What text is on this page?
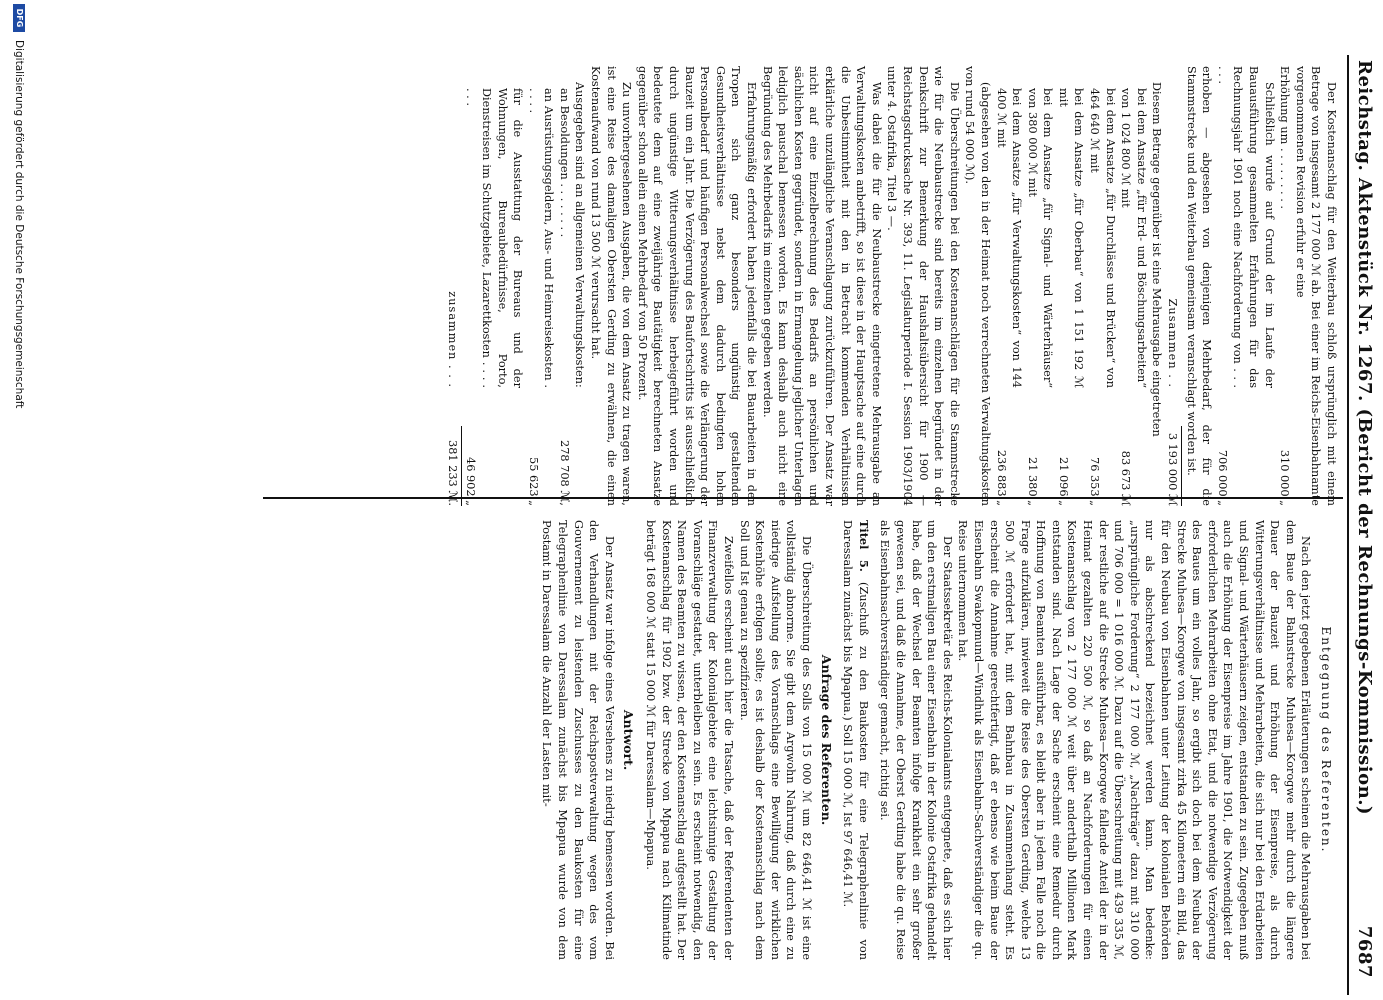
Reichstag. Aktenstück Nr. 1267. (Bericht der Rechnungs-Kommission.)
7687

Der Kostenanschlag für den Weiterbau schloß ursprünglich mit einem Betrage von insgesamt 2 177 000 ℳ ab. Bei einer im Reichs-Eisenbahnamte vorgenommenen Revision erfuhr er eine

Erhöhung um . . . . . . . . .
310 000 „
Schließlich wurde auf Grund der im Laufe der Bauausführung gesammelten Erfahrungen für das Rechnungsjahr 1901 noch eine Nachforderung von . . . . . .
706 000 „

erhoben — abgesehen von denjenigen Mehrbedarf, der für die Stammstrecke und den Weiterbau gemeinsam veranschlagt worden ist.

Zusammen . .
3 193 000 ℳ

Diesem Betrage gegenüber ist eine Mehrausgabe eingetreten

bei dem Ansatze „für Erd- und Böschungsarbeiten“ von 1 024 800 ℳ mit
83 673 ℳ
bei dem Ansatze „für Durchlässe und Brücken“ von 464 640 ℳ mit
76 353 „
bei dem Ansatze „für Oberbau“ von 1 151 192 ℳ mit
21 096 „
bei dem Ansatze „für Signal- und Wärterhäuser“ von 380 000 ℳ mit
21 380 „
bei dem Ansatze „für Verwaltungskosten“ von 144 400 ℳ mit
236 883 „

(abgesehen von den in der Heimat noch verrechneten Verwaltungskosten von rund 54 000 ℳ).

Die Überschreitungen bei den Kostenanschlägen für die Stammstrecke wie für die Neubaustrecke sind bereits im einzelnen begründet in der Denkschrift zur Bemerkung der Haushaltsübersicht für 1900 — Reichstagsdrucksache Nr. 393, 11. Legislaturperiode I. Session 1903/1904 unter 4. Ostafrika, Titel 3 —.

Was dabei die für die Neubaustrecke eingetretene Mehrausgabe an Verwaltungskosten anbetrifft, so ist diese in der Hauptsache auf eine durch die Unbestimmtheit mit den in Betracht kommenden Verhältnissen erklärliche unzulängliche Veranschlagung zurückzuführen. Der Ansatz war nicht auf eine Einzelberechnung des Bedarfs an persönlichen und sächlichen Kosten gegründet, sondern in Ermangelung jeglicher Unterlagen lediglich pauschal bemessen worden. Es kann deshalb auch nicht eine Begründung des Mehrbedarfs im einzelnen gegeben werden.

Erfahrungsmäßig erfordert haben jedenfalls die bei Bauarbeiten in den Tropen sich ganz besonders ungünstig gestaltenden Gesundheitsverhältnisse nebst dem dadurch bedingten hohen Personalbedarf und häufigen Personalwechsel sowie die Verlängerung der Bauzeit um ein Jahr. Die Verzögerung des Baufortschritts ist ausschließlich durch ungünstige Witterungsverhältnisse herbeigeführt worden und bedeutete dem auf eine zweijährige Bautätigkeit berechneten Ansatze gegenüber schon allein einen Mehrbedarf von 50 Prozent.

Zu unvorhergesehenen Ausgaben, die von dem Ansatz zu tragen waren, ist eine Reise des damaligen Obersten Gerding zu erwähnen, die einen Kostenaufwand von rund 13 500 ℳ verursacht hat.

Ausgegeben sind an allgemeinen Verwaltungskosten:

an Besoldungen . . . . . . . .
278 708 ℳ,
an Ausrüstungsgeldern, Aus- und Heimreisekosten . . . . .
55 623 „
für die Ausstattung der Bureaus und der Wohnungen, Bureaubedürfnisse, Porto, Dienstreisen im Schutzgebiete, Lazarettkosten . . . . . . .
46 902 „
zusammen . . .
381 233 ℳ.

Entgegnung des Referenten.

Nach den jetzt gegebenen Erläuterungen scheinen die Mehrausgaben bei dem Baue der Bahnstrecke Muhesa—Korogwe mehr durch die längere Dauer der Bauzeit und Erhöhung der Eisenpreise, als durch Witterungsverhältnisse und Mehrarbeiten, die sich nur bei den Erdarbeiten und Signal- und Wärterhäusern zeigen, entstanden zu sein. Zugegeben muß auch die Erhöhung der Eisenpreise im Jahre 1901, die Notwendigkeit der erforderlichen Mehrarbeiten ohne Etat, und die notwendige Verzögerung des Baues um ein volles Jahr, so ergibt sich doch bei dem Neubau der Strecke Muhesa—Korogwe von insgesamt zirka 45 Kilometern ein Bild, das für den Neubau von Eisenbahnen unter Leitung der kolonialen Behörden nur als abschreckend bezeichnet werden kann. Man bedenke: „ursprüngliche Forderung“ 2 177 000 ℳ, „Nachträge“ dazu mit 310 000 und 706 000 = 1 016 000 ℳ. Dazu auf die Überschreitung mit 439 335 ℳ, der restliche auf die Strecke Muhesa—Korogwe fallende Anteil der in der Heimat gezahlten 220 500 ℳ, so daß an Nachforderungen für einen Kostenanschlag von 2 177 000 ℳ weit über anderthalb Millionen Mark entstanden sind. Nach Lage der Sache erscheint eine Remedur durch Hoffnung von Beamten ausführbar, es bleibt aber in jedem Falle noch die Frage aufzuklären, inwieweit die Reise des Obersten Gerding, welche 13 500 ℳ erfordert hat, mit dem Bahnbau in Zusammenhang steht. Es erscheint die Annahme gerechtfertigt, daß er ebenso wie beim Baue der Eisenbahn Swakopmund—Windhuk als Eisenbahn-Sachverständiger die qu. Reise unternommen hat.

Der Staatssekretär des Reichs-Kolonialamts entgegnete, daß es sich hier um den erstmaligen Bau einer Eisenbahn in der Kolonie Ostafrika gehandelt habe, daß der Wechsel der Beamten infolge Krankheit ein sehr großer gewesen sei, und daß die Annahme, der Oberst Gerding habe die qu. Reise als Eisenbahnsachverständiger gemacht, richtig sei.

Titel 5. (Zuschuß zu den Baukosten für eine Telegraphenlinie von Daressalam zunächst bis Mpapua.) Soll 15 000 ℳ, Ist 97 646,41 ℳ.

Anfrage des Referenten.

Die Überschreitung des Solls von 15 000 ℳ um 82 646,41 ℳ ist eine vollständig abnorme. Sie gibt dem Argwohn Nahrung, daß durch eine zu niedrige Aufstellung des Voranschlags eine Bewilligung der wirklichen Kostenhöhe erfolgen sollte; es ist deshalb der Kostenanschlag nach dem Soll und Ist genau zu spezifizieren.

Zweifellos erscheint auch hier die Tatsache, daß der Referendenten der Finanzverwaltung der Kolonialgebiete eine leichtsinnige Gestaltung der Voranschläge gestattet, unterbleiben zu sein. Es erscheint notwendig, den Namen des Beamten zu wissen, der den Kostenanschlag aufgestellt hat. Der Kostenanschlag für 1902 bzw. der Strecke von Mpapua nach Kilimatinde beträgt 168 000 ℳ statt 15 000 ℳ für Daressalam—Mpapua.

Antwort.

Der Ansatz war infolge eines Versehens zu niedrig bemessen worden. Bei den Verhandlungen mit der Reichspostverwaltung wegen des vom Gouvernement zu leistenden Zuschusses zu den Baukosten für eine Telegraphenlinie von Daressalam zunächst bis Mpapua wurde von dem Postamt in Daressalam die Anzahl der Lasten mit-

DFG
Digitalisierung gefördert durch die Deutsche Forschungsgemeinschaft
